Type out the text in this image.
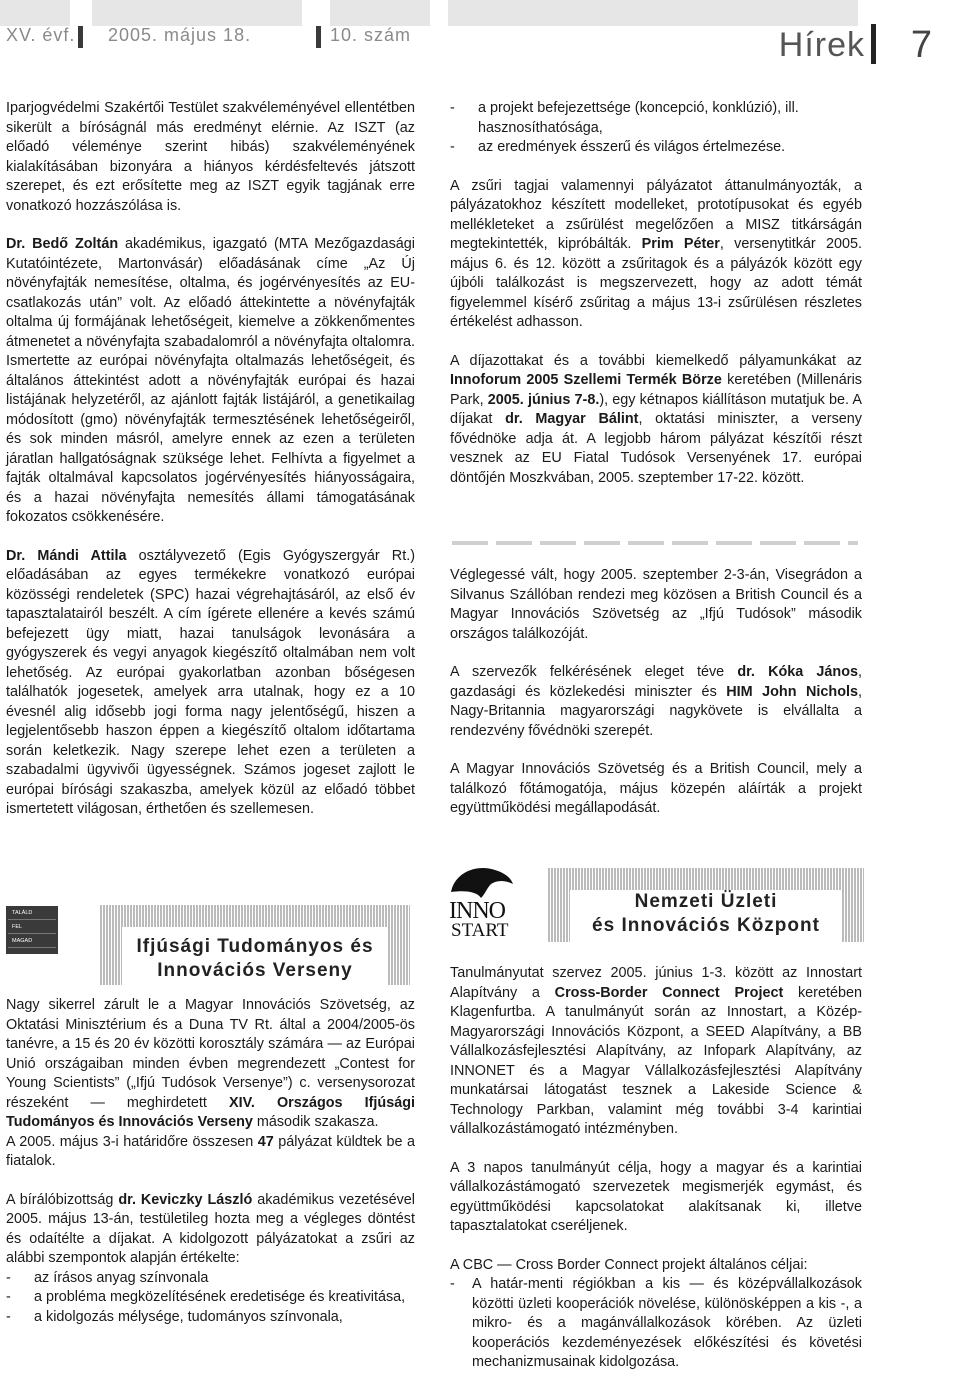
XV. évf. 2005. május 18.	10. szám	Hírek 7

Iparjogvédelmi Szakértői Testület szakvéleményével ellentétben sikerült a bíróságnál más eredményt elérnie. Az ISZT (az előadó véleménye szerint hibás) szakvéleményének kialakításában bizonyára a hiányos kérdésfeltevés játszott szerepet, és ezt erősítette meg az ISZT egyik tagjának erre vonatkozó hozzászólása is.

Dr. Bedő Zoltán akadémikus, igazgató (MTA Mezőgazdasági Kutatóintézete, Martonvásár) előadásának címe „Az Új növényfajták nemesítése, oltalma, és jogérvényesítés az EU-csatlakozás után” volt. Az előadó áttekintette a növényfajták oltalma új formájának lehetőségeit, kiemelve a zökkenőmentes átmenetet a növényfajta szabadalomról a növényfajta oltalomra. Ismertette az európai növényfajta oltalmazás lehetőségeit, és általános áttekintést adott a növényfajták európai és hazai listájának helyzetéről, az ajánlott fajták listájáról, a genetikailag módosított (gmo) növényfajták termesztésének lehetőségeiről, és sok minden másról, amelyre ennek az ezen a területen járatlan hallgatóságnak szüksége lehet. Felhívta a figyelmet a fajták oltalmával kapcsolatos jogérvényesítés hiányosságaira, és a hazai növényfajta nemesítés állami támogatásának fokozatos csökkenésére.

Dr. Mándi Attila osztályvezető (Egis Gyógyszergyár Rt.) előadásában az egyes termékekre vonatkozó európai közösségi rendeletek (SPC) hazai végrehajtásáról, az első év tapasztalatairól beszélt. A cím ígérete ellenére a kevés számú befejezett ügy miatt, hazai tanulságok levonására a gyógyszerek és vegyi anyagok kiegészítő oltalmában nem volt lehetőség. Az európai gyakorlatban azonban bőségesen találhatók jogesetek, amelyek arra utalnak, hogy ez a 10 évesnél alig idősebb jogi forma nagy jelentőségű, hiszen a legjelentősebb haszon éppen a kiegészítő oltalom időtartama során keletkezik. Nagy szerepe lehet ezen a területen a szabadalmi ügyvivői ügyességnek. Számos jogeset zajlott le európai bírósági szakaszba, amelyek közül az előadó többet ismertetett világosan, érthetően és szellemesen.

TALÁLD
FEL
MAGAD	Ifjúsági Tudományos és
Innovációs Verseny

Nagy sikerrel zárult le a Magyar Innovációs Szövetség, az Oktatási Minisztérium és a Duna TV Rt. által a 2004/2005-ös tanévre, a 15 és 20 év közötti korosztály számára — az Európai Unió országaiban minden évben megrendezett „Contest for Young Scientists” („Ifjú Tudósok Versenye”) c. versenysorozat részeként — meghirdetett XIV. Országos Ifjúsági Tudományos és Innovációs Verseny második szakasza.

A 2005. május 3-i határidőre összesen 47 pályázat küldtek be a fiatalok.

A bírálóbizottság dr. Keviczky László akadémikus vezetésével 2005. május 13-án, testületileg hozta meg a végleges döntést és odaítélte a díjakat. A kidolgozott pályázatokat a zsűri az alábbi szempontok alapján értékelte:

-	az írásos anyag színvonala
-	a probléma megközelítésének eredetisége és kreativitása,
-	a kidolgozás mélysége, tudományos színvonala,
-	a projekt befejezettsége (koncepció, konklúzió), ill. hasznosíthatósága,
-	az eredmények ésszerű és világos értelmezése.

A zsűri tagjai valamennyi pályázatot áttanulmányozták, a pályázatokhoz készített modelleket, prototípusokat és egyéb mellékleteket a zsűrülést megelőzően a MISZ titkárságán megtekintették, kipróbálták. Prim Péter, versenytitkár 2005. május 6. és 12. között a zsűritagok és a pályázók között egy újbóli találkozást is megszervezett, hogy az adott témát figyelemmel kísérő zsűritag a május 13-i zsűrülésen részletes értékelést adhasson.

A díjazottakat és a további kiemelkedő pályamunkákat az Innoforum 2005 Szellemi Termék Börze keretében (Millenáris Park, 2005. június 7-8.), egy kétnapos kiállításon mutatjuk be. A díjakat dr. Magyar Bálint, oktatási miniszter, a verseny fővédnöke adja át. A legjobb három pályázat készítői részt vesznek az EU Fiatal Tudósok Versenyének 17. európai döntőjén Moszkvában, 2005. szeptember 17-22. között.

Véglegessé vált, hogy 2005. szeptember 2-3-án, Visegrádon a Silvanus Szállóban rendezi meg közösen a British Council és a Magyar Innovációs Szövetség az „Ifjú Tudósok” második országos találkozóját.

A szervezők felkérésének eleget téve dr. Kóka János, gazdasági és közlekedési miniszter és HIM John Nichols, Nagy-Britannia magyarországi nagykövete is elvállalta a rendezvény fővédnöki szerepét.

A Magyar Innovációs Szövetség és a British Council, mely a találkozó főtámogatója, május közepén aláírták a projekt együttműködési megállapodását.

INNO
START
Nemzeti Üzleti
és Innovációs Központ

Tanulmányutat szervez 2005. június 1-3. között az Innostart Alapítvány a Cross-Border Connect Project keretében Klagenfurtba. A tanulmányút során az Innostart, a Közép-Magyarországi Innovációs Központ, a SEED Alapítvány, a BB Vállalkozásfejlesztési Alapítvány, az Infopark Alapítvány, az INNONET és a Magyar Vállalkozásfejlesztési Alapítvány munkatársai látogatást tesznek a Lakeside Science & Technology Parkban, valamint még további 3-4 karintiai vállalkozástámogató intézményben.

A 3 napos tanulmányút célja, hogy a magyar és a karintiai vállalkozástámogató szervezetek megismerjék egymást, és együttműködési kapcsolatokat alakítsanak ki, illetve tapasztalatokat cseréljenek.

A CBC — Cross Border Connect projekt általános céljai:

-	A határ-menti régiókban a kis — és középvállalkozások közötti üzleti kooperációk növelése, különösképpen a kis -, a mikro- és a magánvállalkozások körében. Az üzleti kooperációs kezdeményezések előkészítési és követési mechanizmusainak kidolgozása.
